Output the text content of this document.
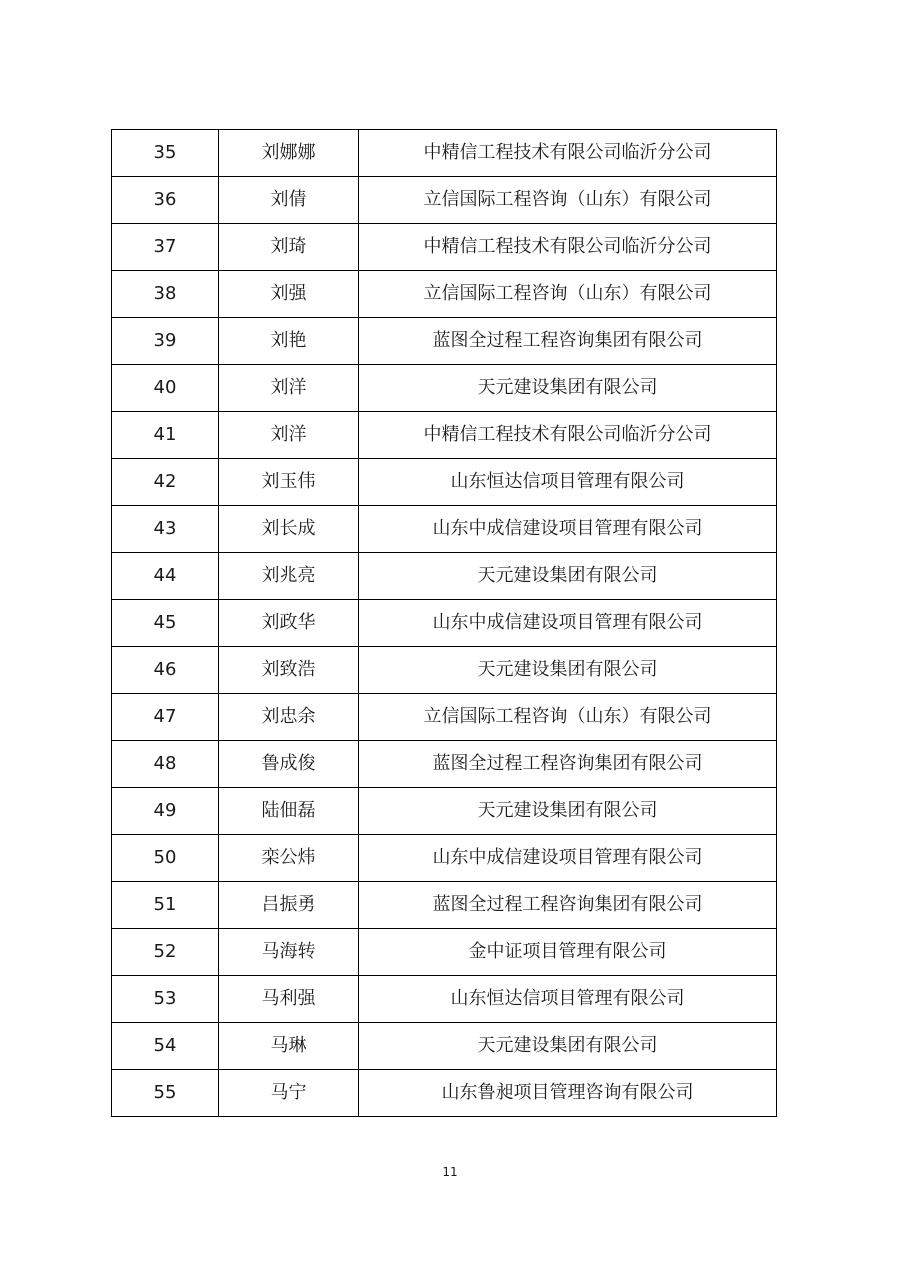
35	刘娜娜	中精信工程技术有限公司临沂分公司
36	刘倩	立信国际工程咨询（山东）有限公司
37	刘琦	中精信工程技术有限公司临沂分公司
38	刘强	立信国际工程咨询（山东）有限公司
39	刘艳	蓝图全过程工程咨询集团有限公司
40	刘洋	天元建设集团有限公司
41	刘洋	中精信工程技术有限公司临沂分公司
42	刘玉伟	山东恒达信项目管理有限公司
43	刘长成	山东中成信建设项目管理有限公司
44	刘兆亮	天元建设集团有限公司
45	刘政华	山东中成信建设项目管理有限公司
46	刘致浩	天元建设集团有限公司
47	刘忠余	立信国际工程咨询（山东）有限公司
48	鲁成俊	蓝图全过程工程咨询集团有限公司
49	陆佃磊	天元建设集团有限公司
50	栾公炜	山东中成信建设项目管理有限公司
51	吕振勇	蓝图全过程工程咨询集团有限公司
52	马海转	金中证项目管理有限公司
53	马利强	山东恒达信项目管理有限公司
54	马琳	天元建设集团有限公司
55	马宁	山东鲁昶项目管理咨询有限公司
11
